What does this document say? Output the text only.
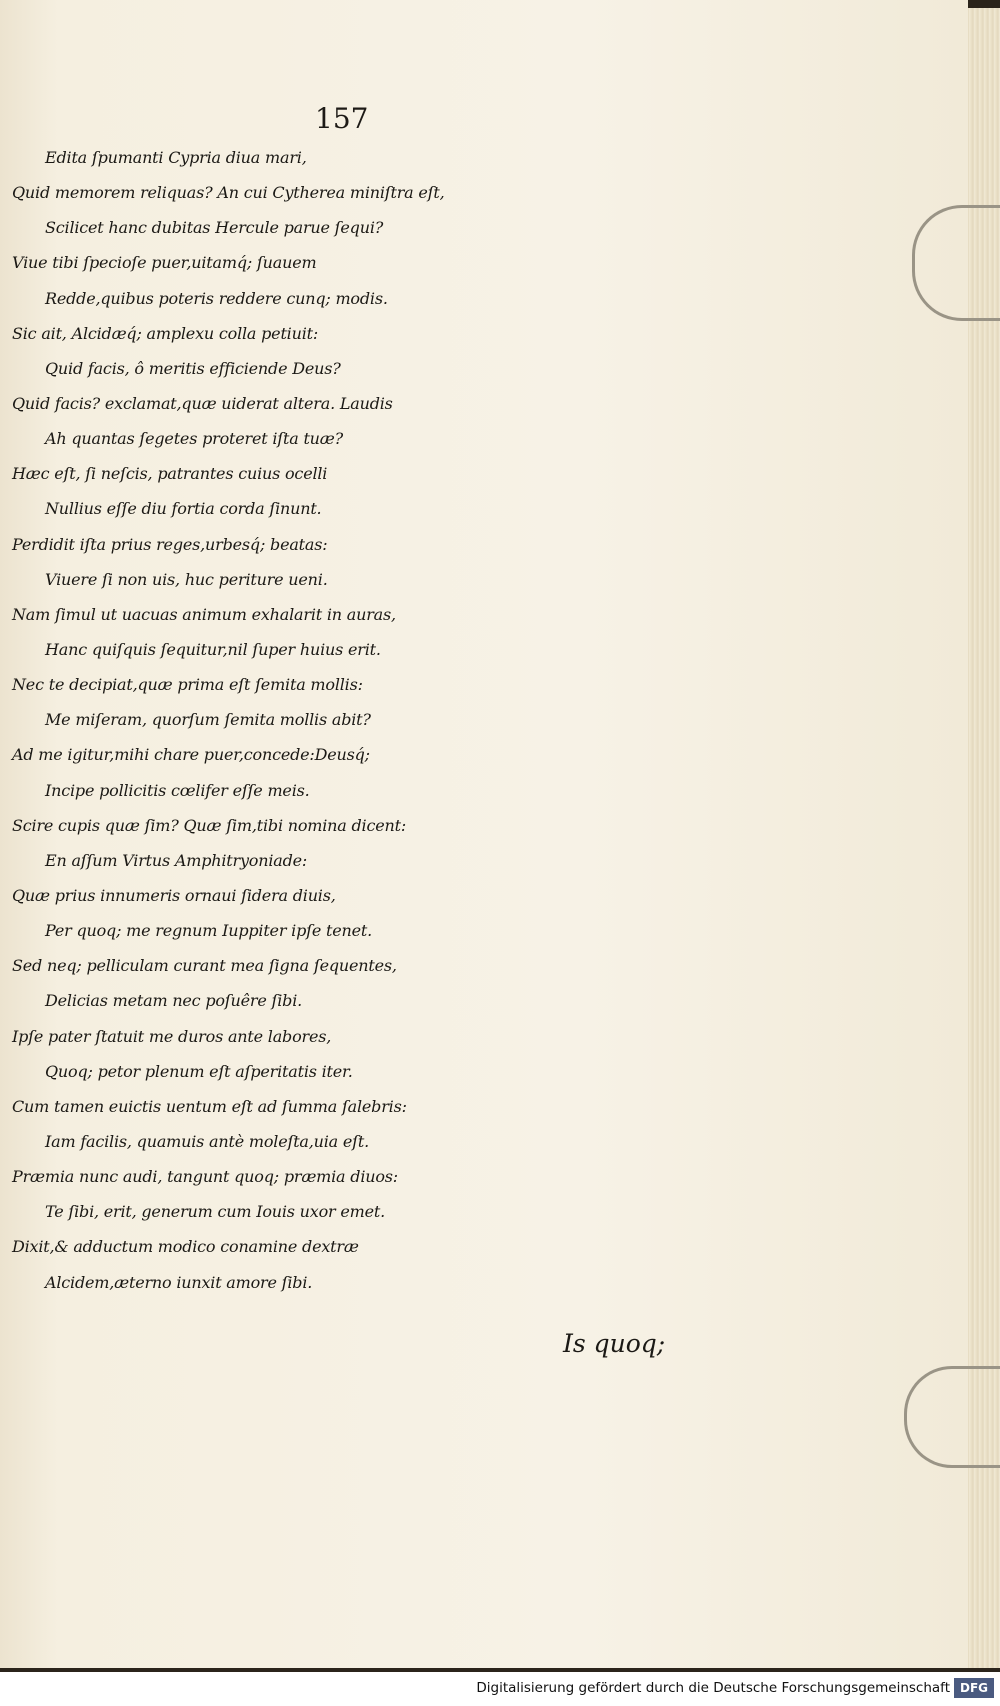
157
Edita ſpumanti Cypria diua mari,
Quid memorem reliquas? An cui Cytherea miniſtra eſt,
Scilicet hanc dubitas Hercule parue ſequi?
Viue tibi ſpecioſe puer,uitamq́; ſuauem
Redde,quibus poteris reddere cunq; modis.
Sic ait, Alcidæq́; amplexu colla petiuit:
Quid facis, ô meritis efficiende Deus?
Quid facis? exclamat,quæ uiderat altera. Laudis
Ah quantas ſegetes proteret iſta tuæ?
Hæc eſt, ſi neſcis, patrantes cuius ocelli
Nullius eſſe diu fortia corda ſinunt.
Perdidit iſta prius reges,urbesq́; beatas:
Viuere ſi non uis, huc periture ueni.
Nam ſimul ut uacuas animum exhalarit in auras,
Hanc quiſquis ſequitur,nil ſuper huius erit.
Nec te decipiat,quæ prima eſt ſemita mollis:
Me miſeram, quorſum ſemita mollis abit?
Ad me igitur,mihi chare puer,concede:Deusq́;
Incipe pollicitis cœlifer eſſe meis.
Scire cupis quæ ſim? Quæ ſim,tibi nomina dicent:
En aſſum Virtus Amphitryoniade:
Quæ prius innumeris ornaui ſidera diuis,
Per quoq; me regnum Iuppiter ipſe tenet.
Sed neq; pelliculam curant mea ſigna ſequentes,
Delicias metam nec poſuêre ſibi.
Ipſe pater ſtatuit me duros ante labores,
Quoq; petor plenum eſt aſperitatis iter.
Cum tamen euictis uentum eſt ad ſumma ſalebris:
Iam facilis, quamuis antè moleſta,uia eſt.
Præmia nunc audi, tangunt quoq; præmia diuos:
Te ſibi, erit, generum cum Iouis uxor emet.
Dixit,& adductum modico conamine dextræ
Alcidem,æterno iunxit amore ſibi.
Is quoq;
Digitalisierung gefördert durch die Deutsche Forschungsgemeinschaft DFG
